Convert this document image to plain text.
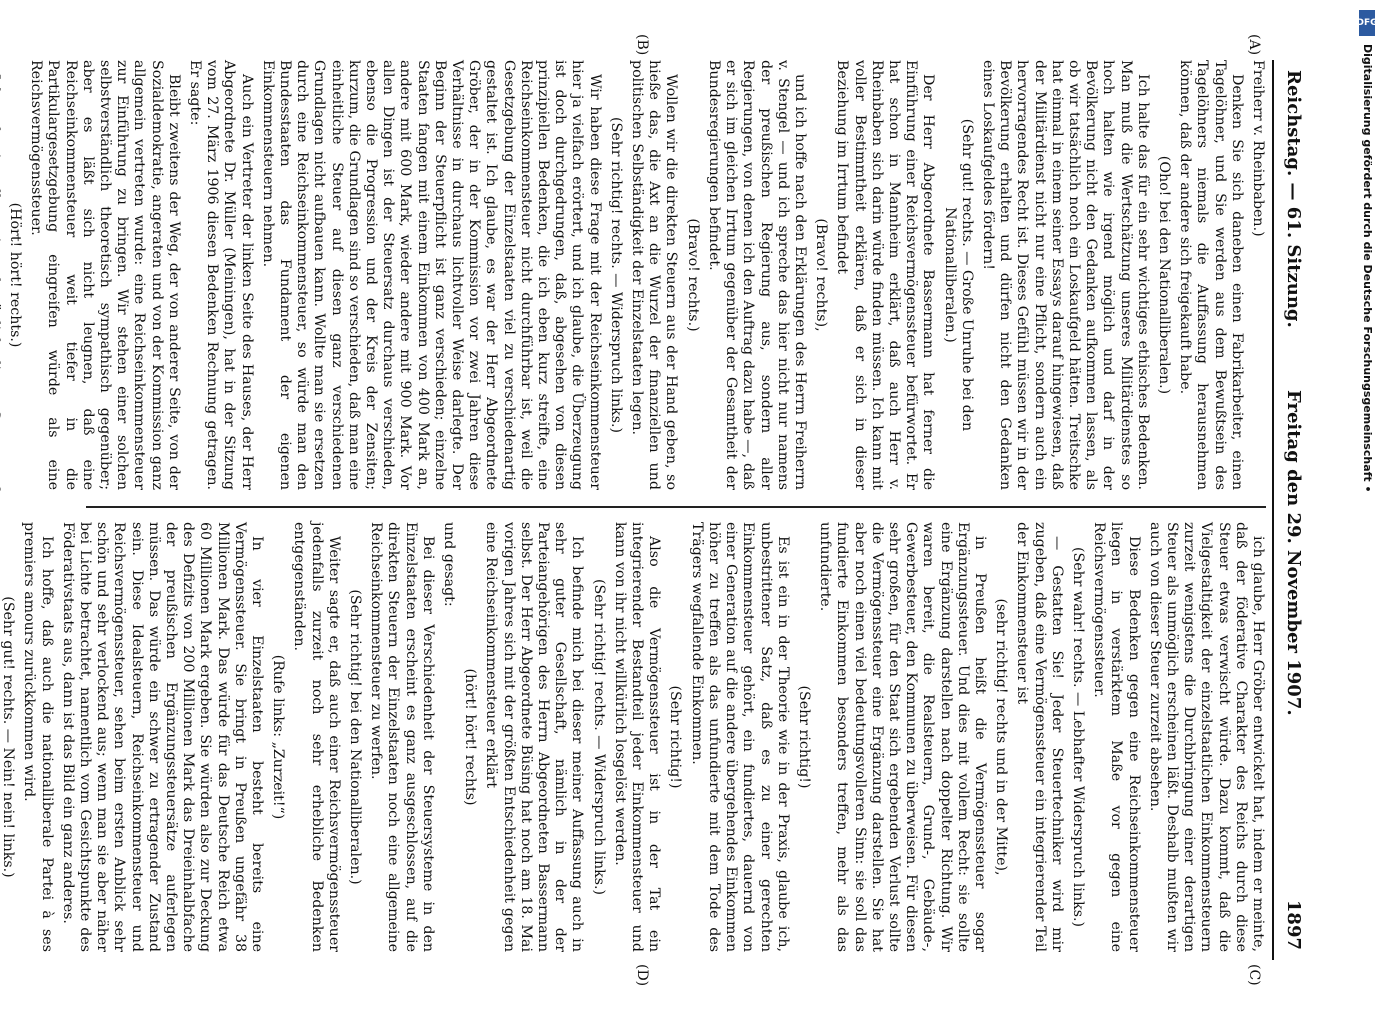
Reichstag. — 61. Sitzung.
Freitag den 29. November 1907.
1897
(A)
(B)
(C)
(D)

Freiherr v. Rheinbaben.)

Denken Sie sich daneben einen Fabrikarbeiter, einen Tagelöhner, und Sie werden aus dem Bewußtsein des Tagelöhners niemals die Auffassung herausnehmen können, daß der andere sich freigekauft habe.

(Oho! bei den Nationalliberalen.)

Ich halte das für ein sehr wichtiges ethisches Bedenken. Man muß die Wertschätzung unseres Militärdienstes so hoch halten wie irgend möglich und darf in der Bevölkerung nicht den Gedanken aufkommen lassen, als ob wir tatsächlich noch ein Loskaufgeld hätten. Treitschke hat einmal in einem seiner Essays darauf hingewiesen, daß der Militärdienst nicht nur eine Pflicht, sondern auch ein hervorragendes Recht ist. Dieses Gefühl müssen wir in der Bevölkerung erhalten und dürfen nicht den Gedanken eines Loskaufgeldes fördern!

(Sehr gut! rechts. — Große Unruhe bei den Nationalliberalen.)

Der Herr Abgeordnete Bassermann hat ferner die Einführung einer Reichsvermögenssteuer befürwortet. Er hat schon in Mannheim erklärt, daß auch Herr v. Rheinbaben sich darin würde finden müssen. Ich kann mit voller Bestimmtheit erklären, daß er sich in dieser Beziehung im Irrtum befindet

(Bravo! rechts),

und ich hoffe nach den Erklärungen des Herrn Freiherrn v. Stengel — und ich spreche das hier nicht nur namens der preußischen Regierung aus, sondern aller Regierungen, von denen ich den Auftrag dazu habe —, daß er sich im gleichen Irrtum gegenüber der Gesamtheit der Bundesregierungen befindet.

(Bravo! rechts.)

Wollen wir die direkten Steuern aus der Hand geben, so hieße das, die Axt an die Wurzel der finanziellen und politischen Selbständigkeit der Einzelstaaten legen.

(Sehr richtig! rechts. — Widerspruch links.)

Wir haben diese Frage mit der Reichseinkommensteuer hier ja vielfach erörtert, und ich glaube, die Überzeugung ist doch durchgedrungen, daß, abgesehen von diesen prinzipiellen Bedenken, die ich eben kurz streifte, eine Reichseinkommensteuer nicht durchführbar ist, weil die Gesetzgebung der Einzelstaaten viel zu verschiedenartig gestaltet ist. Ich glaube, es war der Herr Abgeordnete Gröber, der in der Kommission vor zwei Jahren diese Verhältnisse in durchaus lichtvoller Weise darlegte. Der Beginn der Steuerpflicht ist ganz verschieden; einzelne Staaten fangen mit einem Einkommen von 400 Mark an, andere mit 600 Mark, wieder andere mit 900 Mark. Vor allen Dingen ist der Steuersatz durchaus verschieden, ebenso die Progression und der Kreis der Zensiten; kurzum, die Grundlagen sind so verschieden, daß man eine einheitliche Steuer auf diesen ganz verschiedenen Grundlagen nicht aufbauen kann. Wollte man sie ersetzen durch eine Reichseinkommensteuer, so würde man den Bundesstaaten das Fundament der eigenen Einkommensteuern nehmen.

Auch ein Vertreter der linken Seite des Hauses, der Herr Abgeordnete Dr. Müller (Meiningen), hat in der Sitzung vom 27. März 1906 diesen Bedenken Rechnung getragen. Er sagte:

Bleibt zweitens der Weg, der von anderer Seite, von der Sozialdemokratie, angeraten und von der Kommission ganz allgemein vertreten wurde: eine Reichseinkommensteuer zur Einführung zu bringen. Wir stehen einer solchen selbstverständlich theoretisch sympathisch gegenüber; aber es läßt sich nicht leugnen, daß eine Reichseinkommensteuer weit tiefer in die Partikulargesetzgebung eingreifen würde als eine Reichsvermögenssteuer.

(Hört! hört! rechts.)

ich glaube, Herr Gröber entwickelt hat, indem er meinte, daß der föderative Charakter des Reichs durch diese Steuer etwas verwischt würde. Dazu kommt, daß die Vielgestaltigkeit der einzelstaatlichen Einkommensteuern zurzeit wenigstens die Durchbringung einer derartigen Steuer als unmöglich erscheinen läßt. Deshalb mußten wir auch von dieser Steuer zurzeit absehen.

Diese Bedenken gegen eine Reichseinkommensteuer liegen in verstärktem Maße vor gegen eine Reichsvermögenssteuer.

(Sehr wahr! rechts. — Lebhafter Widerspruch links.)

— Gestatten Sie! Jeder Steuertechniker wird mir zugeben, daß eine Vermögenssteuer ein integrierender Teil der Einkommensteuer ist

(sehr richtig! rechts und in der Mitte),

in Preußen heißt die Vermögenssteuer sogar Ergänzungssteuer. Und dies mit vollem Recht: sie sollte eine Ergänzung darstellen nach doppelter Richtung. Wir waren bereit, die Realsteuern, Grund-, Gebäude-, Gewerbesteuer, den Kommunen zu überweisen. Für diesen sehr großen, für den Staat sich ergebenden Verlust sollte die Vermögenssteuer eine Ergänzung darstellen. Sie hat aber noch einen viel bedeutungsvolleren Sinn: sie soll das fundierte Einkommen besonders treffen, mehr als das unfundierte.

(Sehr richtig!)

Es ist ein in der Theorie wie in der Praxis, glaube ich, unbestrittener Satz, daß es zu einer gerechten Einkommensteuer gehört, ein fundiertes, dauernd von einer Generation auf die andere übergehendes Einkommen höher zu treffen als das unfundierte mit dem Tode des Trägers wegfallende Einkommen.

(Sehr richtig!)

Also die Vermögenssteuer ist in der Tat ein integrierender Bestandteil jeder Einkommensteuer und kann von ihr nicht willkürlich losgelöst werden.

(Sehr richtig! rechts. — Widerspruch links.)

Ich befinde mich bei dieser meiner Auffassung auch in sehr guter Gesellschaft, nämlich in der der Parteiangehörigen des Herrn Abgeordneten Bassermann selbst. Der Herr Abgeordnete Büsing hat noch am 18. Mai vorigen Jahres sich mit der größten Entschiedenheit gegen eine Reichseinkommensteuer erklärt

(hört! hört! rechts)

und gesagt:

Bei dieser Verschiedenheit der Steuersysteme in den Einzelstaaten erscheint es ganz ausgeschlossen, auf die direkten Steuern der Einzelstaaten noch eine allgemeine Reichseinkommensteuer zu werfen.

(Sehr richtig! bei den Nationalliberalen.)

Weiter sagte er, daß auch einer Reichsvermögenssteuer jedenfalls zurzeit noch sehr erhebliche Bedenken entgegenständen.

(Rufe links: „Zurzeit!“)

In vier Einzelstaaten besteht bereits eine Vermögenssteuer. Sie bringt in Preußen ungefähr 38 Millionen Mark. Das würde für das Deutsche Reich etwa 60 Millionen Mark ergeben. Sie würden also zur Deckung des Defizits von 200 Millionen Mark das Dreieinhalbfache der preußischen Ergänzungssteuersätze auferlegen müssen. Das würde ein schwer zu ertragender Zustand sein. Diese Idealsteuern, Reichseinkommensteuer und Reichsvermögenssteuer, sehen beim ersten Anblick sehr schön und sehr verlockend aus; wenn man sie aber näher bei Lichte betrachtet, namentlich vom Gesichtspunkte des Föderativstaats aus, dann ist das Bild ein ganz anderes.

Ich hoffe, daß auch die nationalliberale Partei à ses premiers amours zurückkommen wird.

(Sehr gut! rechts. — Nein! nein! links.)

DFG
Digitalisierung gefördert durch die Deutsche Forschungsgemeinschaft •
